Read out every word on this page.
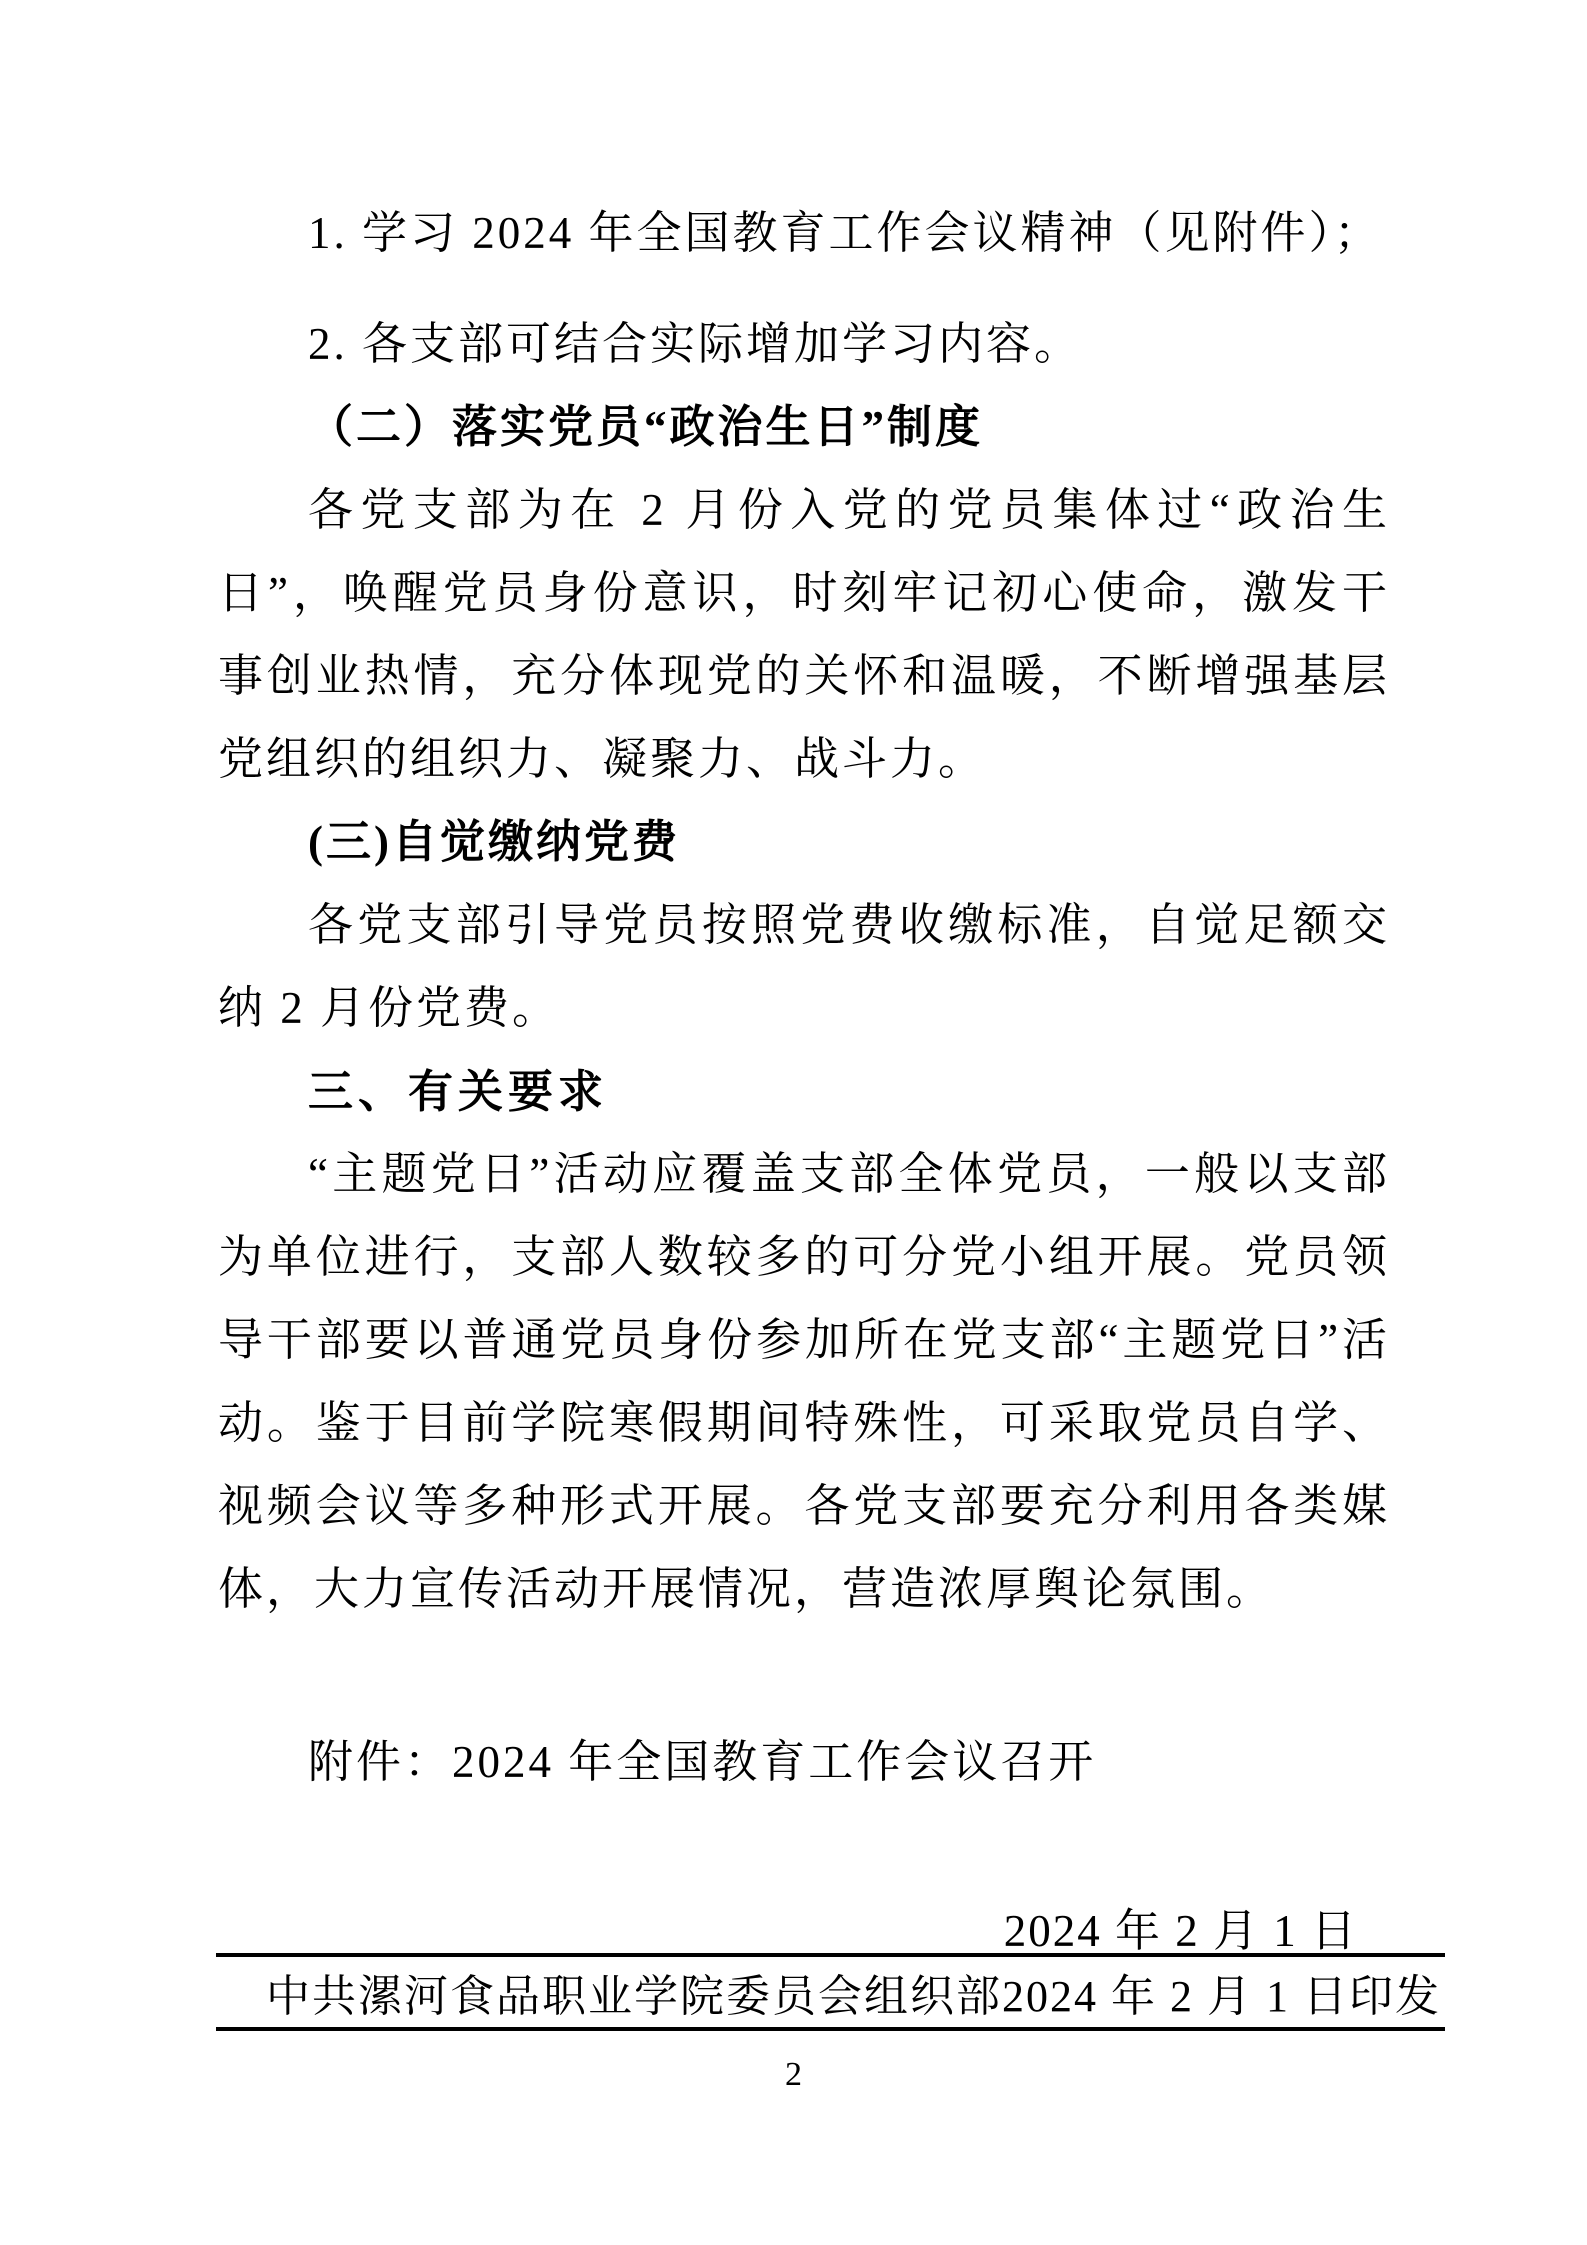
1. 学习 2024 年全国教育工作会议精神（见附件）；

2. 各支部可结合实际增加学习内容。

（二）落实党员“政治生日”制度

各党支部为在 2 月份入党的党员集体过“政治生日”，唤醒党员身份意识，时刻牢记初心使命，激发干事创业热情，充分体现党的关怀和温暖，不断增强基层党组织的组织力、凝聚力、战斗力。

(三)自觉缴纳党费

各党支部引导党员按照党费收缴标准，自觉足额交纳 2 月份党费。

三、有关要求

“主题党日”活动应覆盖支部全体党员，一般以支部为单位进行，支部人数较多的可分党小组开展。党员领导干部要以普通党员身份参加所在党支部“主题党日”活动。鉴于目前学院寒假期间特殊性，可采取党员自学、视频会议等多种形式开展。各党支部要充分利用各类媒体，大力宣传活动开展情况，营造浓厚舆论氛围。

附件：2024 年全国教育工作会议召开

2024 年 2 月 1 日

中共漯河食品职业学院委员会组织部 2024 年 2 月 1 日印发
2
